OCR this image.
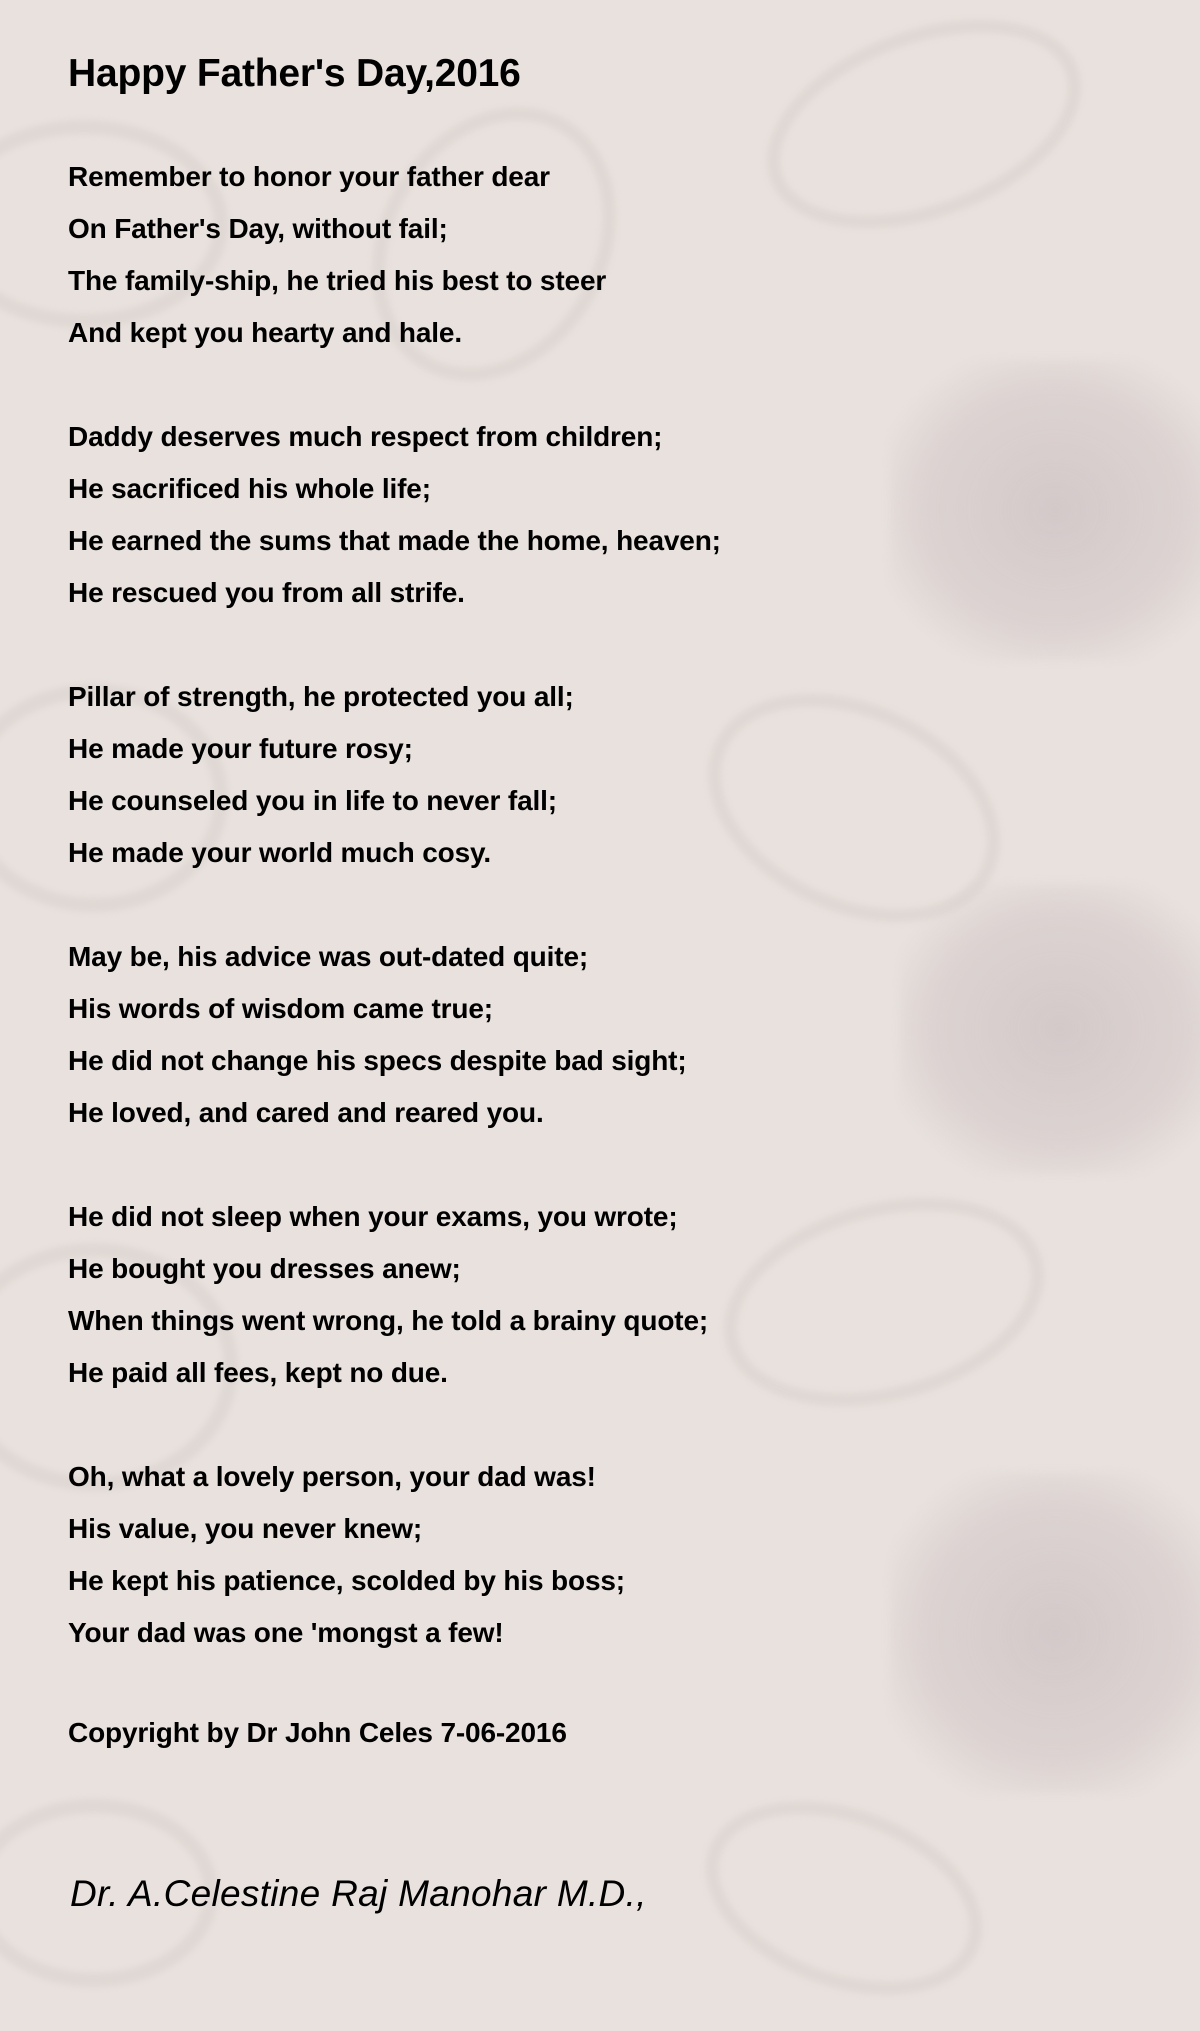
Happy Father's Day,2016
Remember to honor your father dear
On Father's Day, without fail;
The family-ship, he tried his best to steer
And kept you hearty and hale.
Daddy deserves much respect from children;
He sacrificed his whole life;
He earned the sums that made the home, heaven;
He rescued you from all strife.
Pillar of strength, he protected you all;
He made your future rosy;
He counseled you in life to never fall;
He made your world much cosy.
May be, his advice was out-dated quite;
His words of wisdom came true;
He did not change his specs despite bad sight;
He loved, and cared and reared you.
He did not sleep when your exams, you wrote;
He bought you dresses anew;
When things went wrong, he told a brainy quote;
He paid all fees, kept no due.
Oh, what a lovely person, your dad was!
His value, you never knew;
He kept his patience, scolded by his boss;
Your dad was one 'mongst a few!
Copyright by Dr John Celes 7-06-2016
Dr. A.Celestine Raj Manohar M.D.,
